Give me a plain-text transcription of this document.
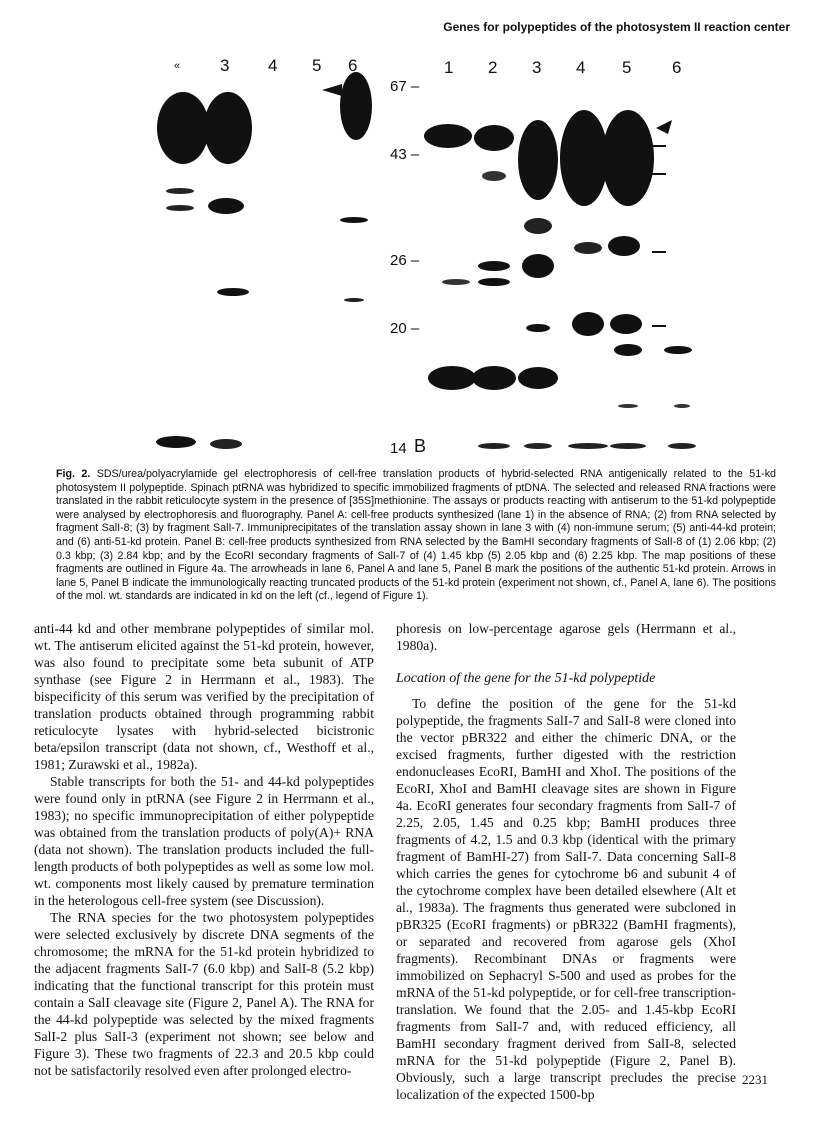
Genes for polypeptides of the photosystem II reaction center
« 3 4 5 6	1 2 3 4 5 6
67 –
43 –
26 –
20 –
14 B
Fig. 2. SDS/urea/polyacrylamide gel electrophoresis of cell-free translation products of hybrid-selected RNA antigenically related to the 51-kd photosystem II polypeptide. Spinach ptRNA was hybridized to specific immobilized fragments of ptDNA. The selected and released RNA fractions were translated in the rabbit reticulocyte system in the presence of [35S]methionine. The assays or products reacting with antiserum to the 51-kd polypeptide were analysed by electrophoresis and fluorography. Panel A: cell-free products synthesized (lane 1) in the absence of RNA; (2) from RNA selected by fragment SalI-8; (3) by fragment SalI-7. Immuniprecipitates of the translation assay shown in lane 3 with (4) non-immune serum; (5) anti-44-kd protein; and (6) anti-51-kd protein. Panel B: cell-free products synthesized from RNA selected by the BamHI secondary fragments of SalI-8 of (1) 2.06 kbp; (2) 0.3 kbp; (3) 2.84 kbp; and by the EcoRI secondary fragments of SalI-7 of (4) 1.45 kbp (5) 2.05 kbp and (6) 2.25 kbp. The map positions of these fragments are outlined in Figure 4a. The arrowheads in lane 6, Panel A and lane 5, Panel B mark the positions of the authentic 51-kd protein. Arrows in lane 5, Panel B indicate the immunologically reacting truncated products of the 51-kd protein (experiment not shown, cf., Panel A, lane 6). The positions of the mol. wt. standards are indicated in kd on the left (cf., legend of Figure 1).

anti-44 kd and other membrane polypeptides of similar mol. wt. The antiserum elicited against the 51-kd protein, however, was also found to precipitate some beta subunit of ATP synthase (see Figure 2 in Herrmann et al., 1983). The bispecificity of this serum was verified by the precipitation of translation products obtained through programming rabbit reticulocyte lysates with hybrid-selected bicistronic beta/epsilon transcript (data not shown, cf., Westhoff et al., 1981; Zurawski et al., 1982a).

Stable transcripts for both the 51- and 44-kd polypeptides were found only in ptRNA (see Figure 2 in Herrmann et al., 1983); no specific immunoprecipitation of either polypeptide was obtained from the translation products of poly(A)+ RNA (data not shown). The translation products included the full-length products of both polypeptides as well as some low mol. wt. components most likely caused by premature termination in the heterologous cell-free system (see Discussion).

The RNA species for the two photosystem polypeptides were selected exclusively by discrete DNA segments of the chromosome; the mRNA for the 51-kd protein hybridized to the adjacent fragments SalI-7 (6.0 kbp) and SalI-8 (5.2 kbp) indicating that the functional transcript for this protein must contain a SalI cleavage site (Figure 2, Panel A). The RNA for the 44-kd polypeptide was selected by the mixed fragments SalI-2 plus SalI-3 (experiment not shown; see below and Figure 3). These two fragments of 22.3 and 20.5 kbp could not be satisfactorily resolved even after prolonged electro-

phoresis on low-percentage agarose gels (Herrmann et al., 1980a).

Location of the gene for the 51-kd polypeptide

To define the position of the gene for the 51-kd polypeptide, the fragments SalI-7 and SalI-8 were cloned into the vector pBR322 and either the chimeric DNA, or the excised fragments, further digested with the restriction endonucleases EcoRI, BamHI and XhoI. The positions of the EcoRI, XhoI and BamHI cleavage sites are shown in Figure 4a. EcoRI generates four secondary fragments from SalI-7 of 2.25, 2.05, 1.45 and 0.25 kbp; BamHI produces three fragments of 4.2, 1.5 and 0.3 kbp (identical with the primary fragment of BamHI-27) from SalI-7. Data concerning SalI-8 which carries the genes for cytochrome b6 and subunit 4 of the cytochrome complex have been detailed elsewhere (Alt et al., 1983a). The fragments thus generated were subcloned in pBR325 (EcoRI fragments) or pBR322 (BamHI fragments), or separated and recovered from agarose gels (XhoI fragments). Recombinant DNAs or fragments were immobilized on Sephacryl S-500 and used as probes for the mRNA of the 51-kd polypeptide, or for cell-free transcription-translation. We found that the 2.05- and 1.45-kbp EcoRI fragments from SalI-7 and, with reduced efficiency, all BamHI secondary fragment derived from SalI-8, selected mRNA for the 51-kd polypeptide (Figure 2, Panel B). Obviously, such a large transcript precludes the precise localization of the expected 1500-bp

2231
